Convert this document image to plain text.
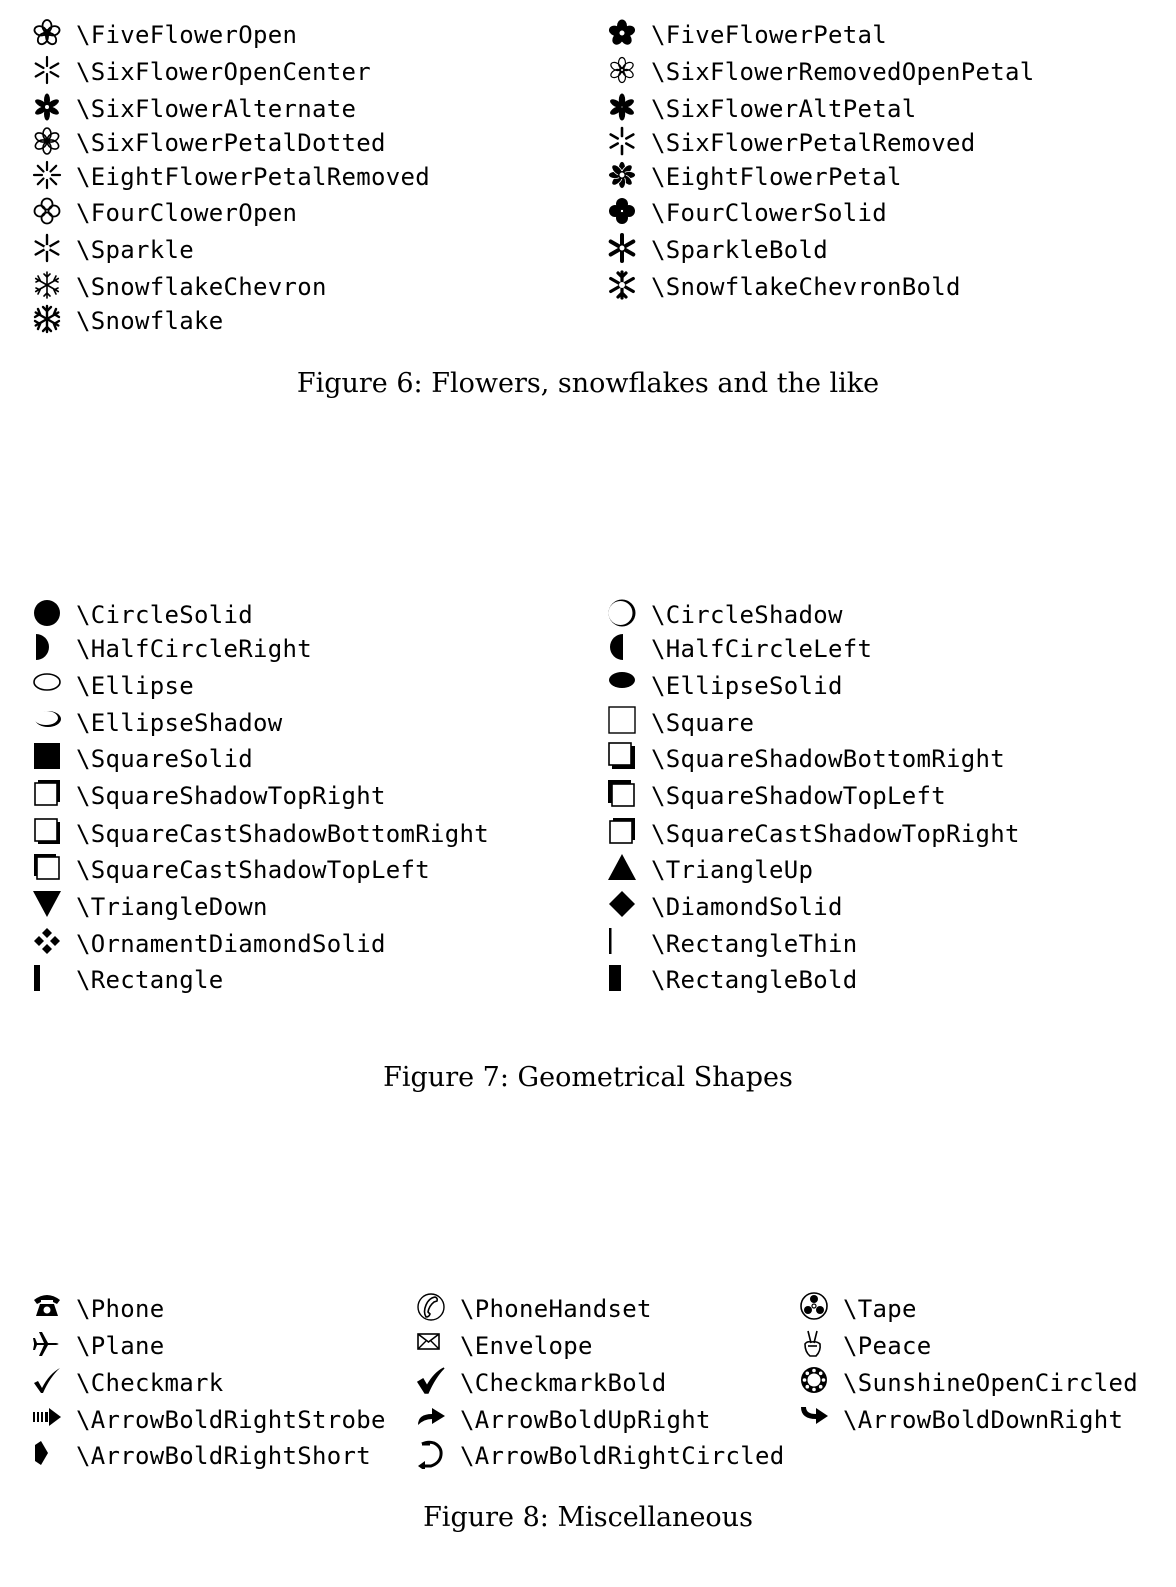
\FiveFlowerOpen
\SixFlowerOpenCenter
\SixFlowerAlternate
\SixFlowerPetalDotted
\EightFlowerPetalRemoved
\FourClowerOpen
\Sparkle
\SnowflakeChevron
\Snowflake
\FiveFlowerPetal
\SixFlowerRemovedOpenPetal
\SixFlowerAltPetal
\SixFlowerPetalRemoved
\EightFlowerPetal
\FourClowerSolid
\SparkleBold
\SnowflakeChevronBold
Figure 6: Flowers, snowflakes and the like
\CircleSolid
\HalfCircleRight
\Ellipse
\EllipseShadow
\SquareSolid
\SquareShadowTopRight
\SquareCastShadowBottomRight
\SquareCastShadowTopLeft
\TriangleDown
\OrnamentDiamondSolid
\Rectangle
\CircleShadow
\HalfCircleLeft
\EllipseSolid
\Square
\SquareShadowBottomRight
\SquareShadowTopLeft
\SquareCastShadowTopRight
\TriangleUp
\DiamondSolid
\RectangleThin
\RectangleBold
Figure 7: Geometrical Shapes
\Phone
\Plane
\Checkmark
\ArrowBoldRightStrobe
\ArrowBoldRightShort
\PhoneHandset
\Envelope
\CheckmarkBold
\ArrowBoldUpRight
\ArrowBoldRightCircled
\Tape
\Peace
\SunshineOpenCircled
\ArrowBoldDownRight
Figure 8: Miscellaneous
